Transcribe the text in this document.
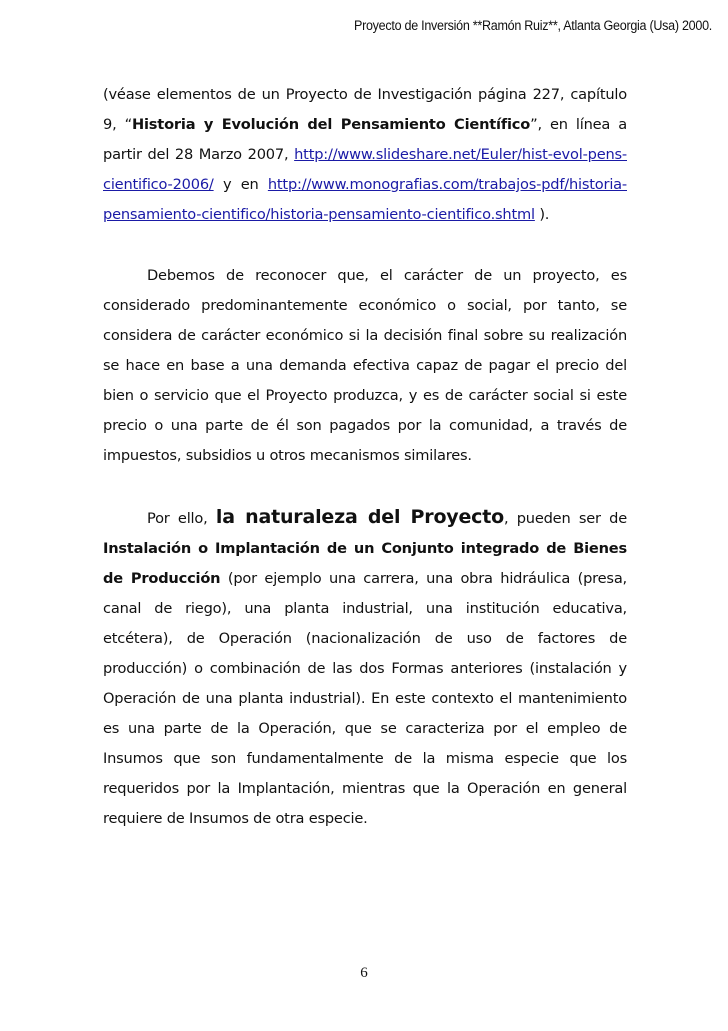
Proyecto de Inversión **Ramón Ruiz**, Atlanta Georgia (Usa) 2000.

(véase elementos de un Proyecto de Investigación página 227, capítulo 9, “Historia y Evolución del Pensamiento Científico”, en línea a partir del 28 Marzo 2007, http://www.slideshare.net/Euler/hist-evol-pens-cientifico-2006/ y en http://www.monografias.com/trabajos-pdf/historia-pensamiento-cientifico/historia-pensamiento-cientifico.shtml ).

Debemos de reconocer que, el carácter de un proyecto, es considerado predominantemente económico o social, por tanto, se considera de carácter económico si la decisión final sobre su realización se hace en base a una demanda efectiva capaz de pagar el precio del bien o servicio que el Proyecto produzca, y es de carácter social si este precio o una parte de él son pagados por la comunidad, a través de impuestos, subsidios u otros mecanismos similares.

Por ello, la naturaleza del Proyecto, pueden ser de Instalación o Implantación de un Conjunto integrado de Bienes de Producción (por ejemplo una carrera, una obra hidráulica (presa, canal de riego), una planta industrial, una institución educativa, etcétera), de Operación (nacionalización de uso de factores de producción) o combinación de las dos Formas anteriores (instalación y Operación de una planta industrial). En este contexto el mantenimiento es una parte de la Operación, que se caracteriza por el empleo de Insumos que son fundamentalmente de la misma especie que los requeridos por la Implantación, mientras que la Operación en general requiere de Insumos de otra especie.

6
